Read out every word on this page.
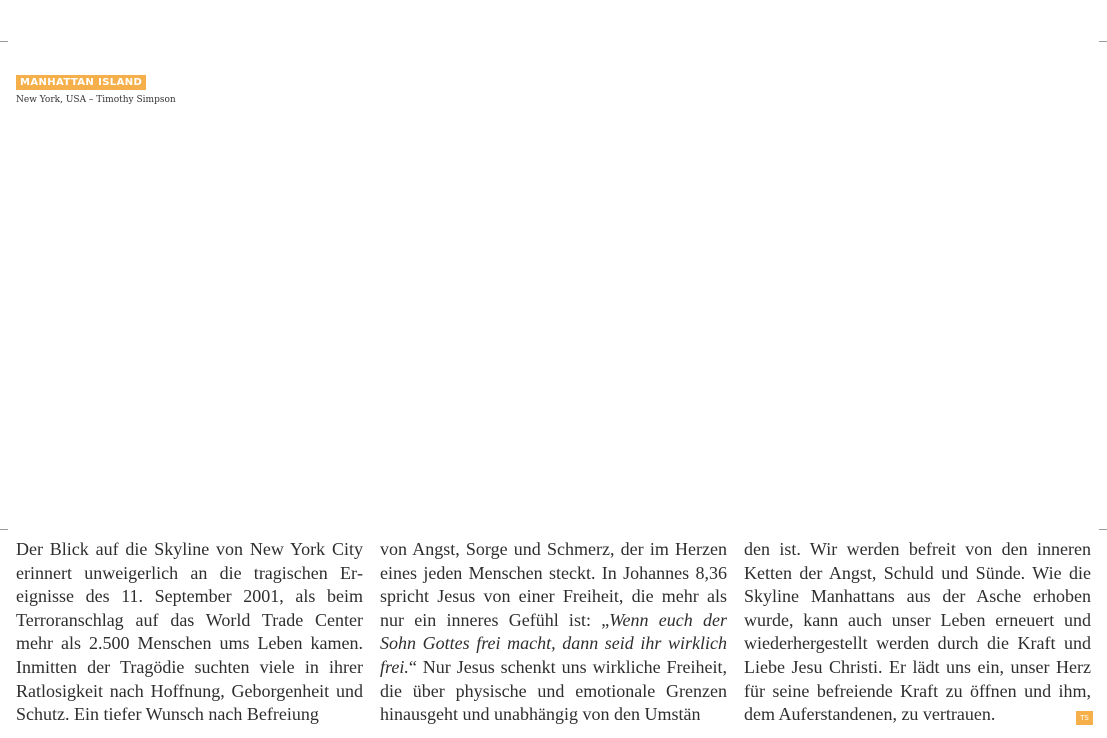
MANHATTAN ISLAND
New York, USA – Timothy Simpson
Der Blick auf die Skyline von New York City erinnert unweigerlich an die tragischen Ereignisse des 11. September 2001, als beim Terroranschlag auf das World Trade Center mehr als 2.500 Menschen ums Leben kamen. Inmitten der Tragödie suchten viele in ihrer Ratlosigkeit nach Hoffnung, Geborgenheit und Schutz. Ein tiefer Wunsch nach Befreiung
von Angst, Sorge und Schmerz, der im Herzen eines jeden Menschen steckt. In Johannes 8,36 spricht Jesus von einer Freiheit, die mehr als nur ein inneres Gefühl ist: „Wenn euch der Sohn Gottes frei macht, dann seid ihr wirklich frei.“ Nur Jesus schenkt uns wirkliche Freiheit, die über physische und emotionale Grenzen hinausgeht und unabhängig von den Umstän
den ist. Wir werden befreit von den inneren Ketten der Angst, Schuld und Sünde. Wie die Skyline Manhattans aus der Asche erhoben wurde, kann auch unser Leben erneuert und wiederhergestellt werden durch die Kraft und Liebe Jesu Christi. Er lädt uns ein, unser Herz für seine befreiende Kraft zu öffnen und ihm, dem Auferstandenen, zu vertrauen.	TS
